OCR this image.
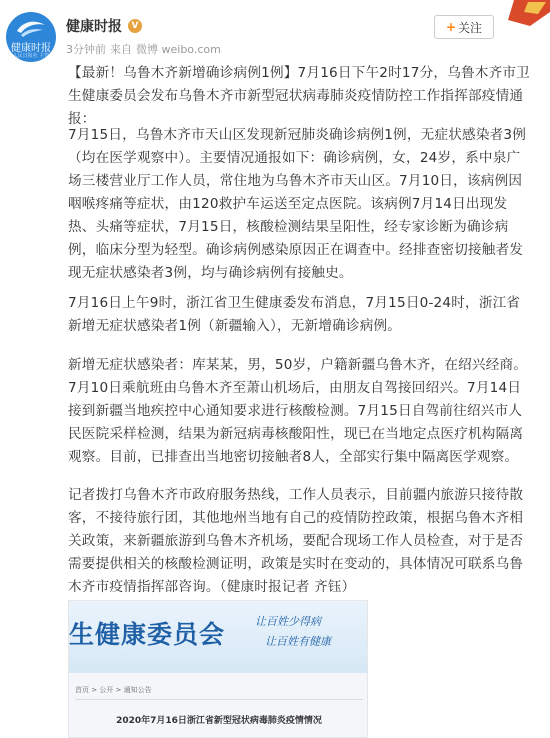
健康时报
人民日报社 主管
健康时报
V
3分钟前 来自 微博 weibo.com
+ 关注

【最新！乌鲁木齐新增确诊病例1例】7月16日下午2时17分，乌鲁木齐市卫生健康委员会发布乌鲁木齐市新型冠状病毒肺炎疫情防控工作指挥部疫情通报：

7月15日，乌鲁木齐市天山区发现新冠肺炎确诊病例1例，无症状感染者3例（均在医学观察中）。主要情况通报如下：确诊病例，女，24岁，系中泉广场三楼营业厅工作人员，常住地为乌鲁木齐市天山区。7月10日，该病例因咽喉疼痛等症状，由120救护车运送至定点医院。该病例7月14日出现发热、头痛等症状，7月15日，核酸检测结果呈阳性，经专家诊断为确诊病例，临床分型为轻型。确诊病例感染原因正在调查中。经排查密切接触者发现无症状感染者3例，均与确诊病例有接触史。

7月16日上午9时，浙江省卫生健康委发布消息，7月15日0-24时，浙江省新增无症状感染者1例（新疆输入），无新增确诊病例。

新增无症状感染者：库某某，男，50岁，户籍新疆乌鲁木齐，在绍兴经商。7月10日乘航班由乌鲁木齐至萧山机场后，由朋友自驾接回绍兴。7月14日接到新疆当地疾控中心通知要求进行核酸检测。7月15日自驾前往绍兴市人民医院采样检测，结果为新冠病毒核酸阳性，现已在当地定点医疗机构隔离观察。目前，已排查出当地密切接触者8人，全部实行集中隔离医学观察。

记者拨打乌鲁木齐市政府服务热线，工作人员表示，目前疆内旅游只接待散客，不接待旅行团，其他地州当地有自己的疫情防控政策，根据乌鲁木齐相关政策，来新疆旅游到乌鲁木齐机场，要配合现场工作人员检查，对于是否需要提供相关的核酸检测证明，政策是实时在变动的，具体情况可联系乌鲁木齐市疫情指挥部咨询。（健康时报记者 齐钰）

生健康委员会	让百姓少得病
让百姓有健康
首页 > 公开 > 通知公告
2020年7月16日浙江省新型冠状病毒肺炎疫情情况
